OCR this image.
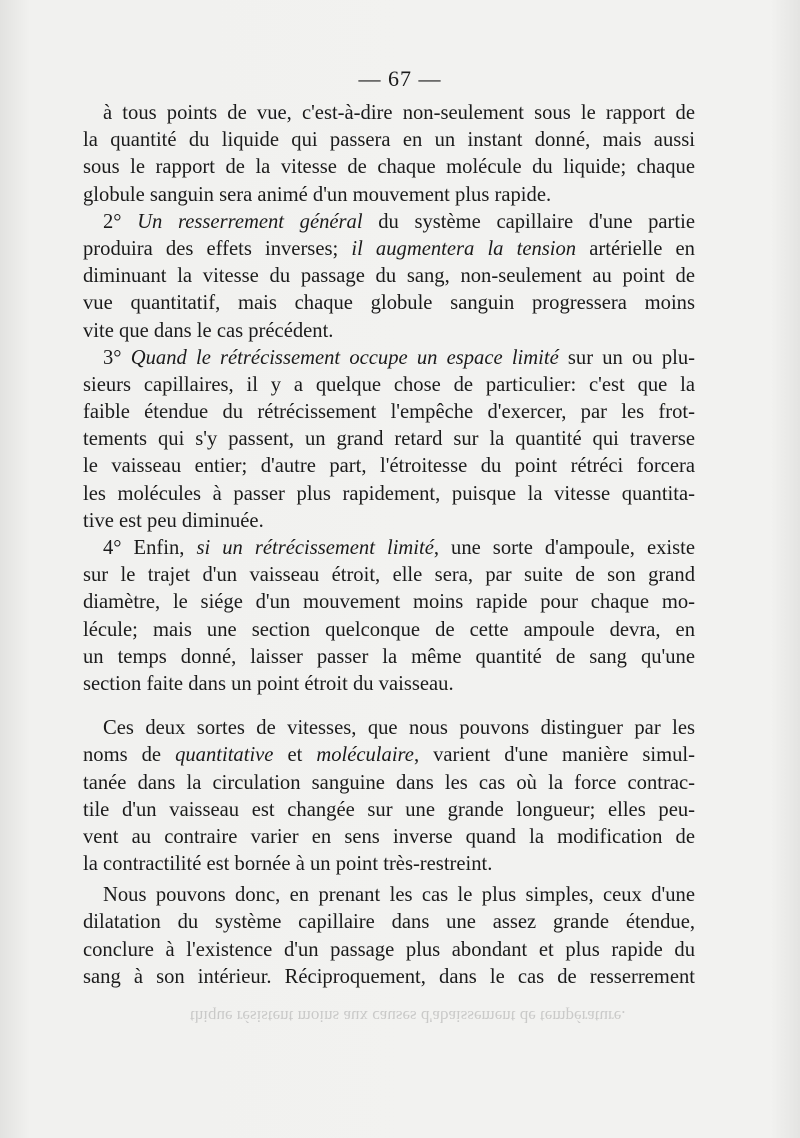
— 67 —
à tous points de vue, c'est-à-dire non-seulement sous le rapport de
la quantité du liquide qui passera en un instant donné, mais aussi
sous le rapport de la vitesse de chaque molécule du liquide; chaque
globule sanguin sera animé d'un mouvement plus rapide.
2° Un resserrement général du système capillaire d'une partie
produira des effets inverses; il augmentera la tension artérielle en
diminuant la vitesse du passage du sang, non-seulement au point de
vue quantitatif, mais chaque globule sanguin progressera moins
vite que dans le cas précédent.
3° Quand le rétrécissement occupe un espace limité sur un ou plu-
sieurs capillaires, il y a quelque chose de particulier: c'est que la
faible étendue du rétrécissement l'empêche d'exercer, par les frot-
tements qui s'y passent, un grand retard sur la quantité qui traverse
le vaisseau entier; d'autre part, l'étroitesse du point rétréci forcera
les molécules à passer plus rapidement, puisque la vitesse quantita-
tive est peu diminuée.
4° Enfin, si un rétrécissement limité, une sorte d'ampoule, existe
sur le trajet d'un vaisseau étroit, elle sera, par suite de son grand
diamètre, le siége d'un mouvement moins rapide pour chaque mo-
lécule; mais une section quelconque de cette ampoule devra, en
un temps donné, laisser passer la même quantité de sang qu'une
section faite dans un point étroit du vaisseau.
Ces deux sortes de vitesses, que nous pouvons distinguer par les
noms de quantitative et moléculaire, varient d'une manière simul-
tanée dans la circulation sanguine dans les cas où la force contrac-
tile d'un vaisseau est changée sur une grande longueur; elles peu-
vent au contraire varier en sens inverse quand la modification de
la contractilité est bornée à un point très-restreint.
Nous pouvons donc, en prenant les cas le plus simples, ceux d'une
dilatation du système capillaire dans une assez grande étendue,
conclure à l'existence d'un passage plus abondant et plus rapide du
sang à son intérieur. Réciproquement, dans le cas de resserrement
thique résistent moins aux causes d'abaissement de température.
